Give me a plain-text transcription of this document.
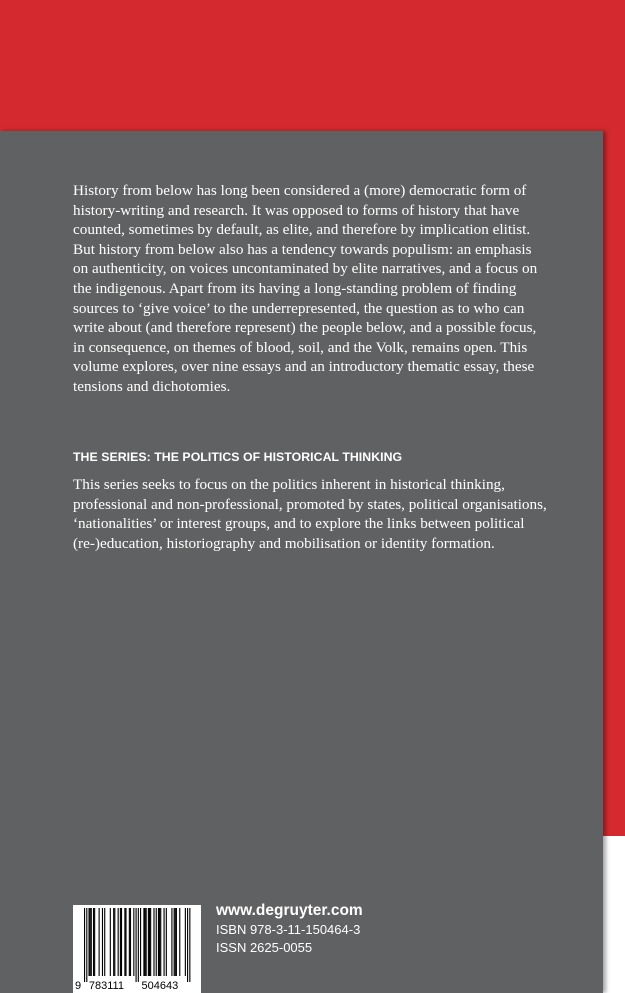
History from below has long been considered a (more) democratic form of history-writing and research. It was opposed to forms of history that have counted, sometimes by default, as elite, and therefore by implication elitist. But history from below also has a tendency towards populism: an emphasis on authenticity, on voices uncontaminated by elite narratives, and a focus on the indigenous. Apart from its having a long-standing problem of finding sources to ‘give voice’ to the underrepresented, the question as to who can write about (and therefore represent) the people below, and a possible focus, in consequence, on themes of blood, soil, and the Volk, remains open. This volume explores, over nine essays and an introductory thematic essay, these tensions and dichotomies.

THE SERIES: THE POLITICS OF HISTORICAL THINKING

This series seeks to focus on the politics inherent in historical thinking, professional and non-professional, promoted by states, political organisations, ‘nationalities’ or interest groups, and to explore the links between political (re-)education, historiography and mobilisation or identity formation.

9 783111 504643

www.degruyter.com

ISBN 978-3-11-150464-3

ISSN 2625-0055
